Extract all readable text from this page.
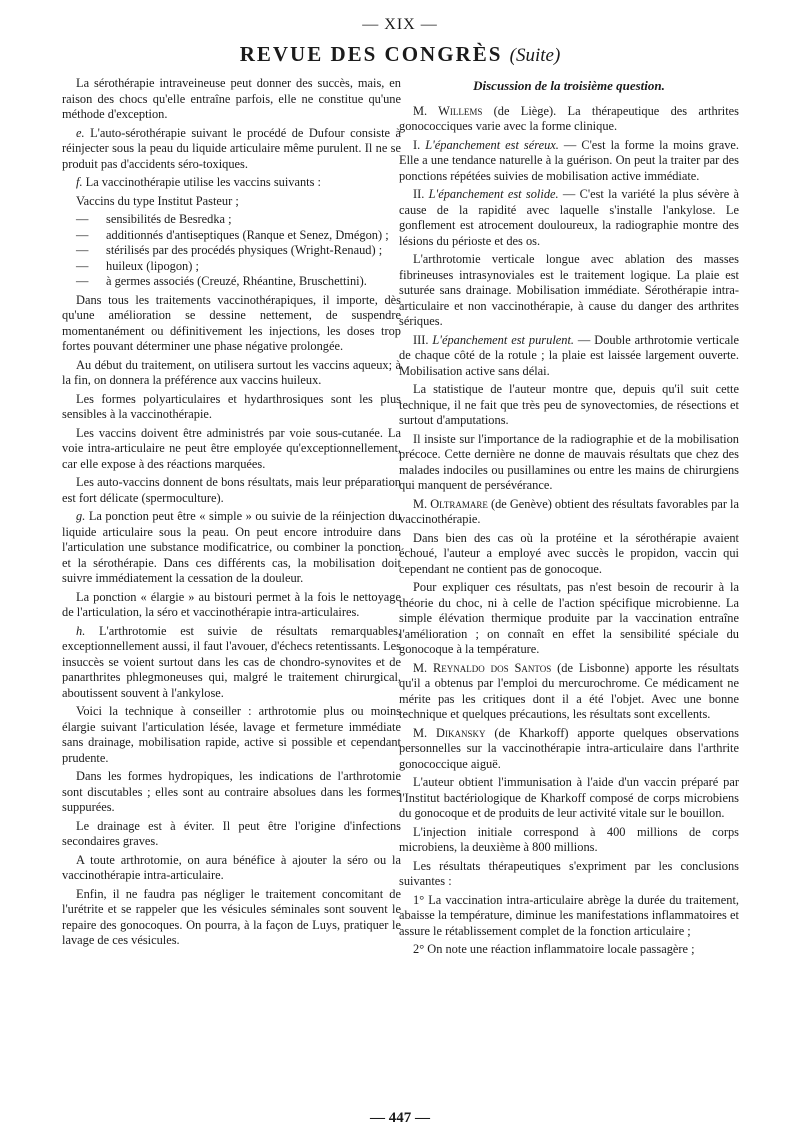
— XIX —
REVUE DES CONGRÈS (Suite)

La sérothérapie intraveineuse peut donner des succès, mais, en raison des chocs qu'elle entraîne parfois, elle ne constitue qu'une méthode d'exception.

e. L'auto-sérothérapie suivant le procédé de Dufour consiste à réinjecter sous la peau du liquide articulaire même purulent. Il ne se produit pas d'accidents séro-toxiques.

f. La vaccinothérapie utilise les vaccins suivants :

Vaccins du type Institut Pasteur ;

—	sensibilités de Besredka ;
—	additionnés d'antiseptiques (Ranque et Senez, Dmégon) ;
—	stérilisés par des procédés physiques (Wright-Renaud) ;
—	huileux (lipogon) ;
—	à germes associés (Creuzé, Rhéantine, Bruschettini).

Dans tous les traitements vaccinothérapiques, il importe, dès qu'une amélioration se dessine nettement, de suspendre momentanément ou définitivement les injections, les doses trop fortes pouvant déterminer une phase négative prolongée.

Au début du traitement, on utilisera surtout les vaccins aqueux; à la fin, on donnera la préférence aux vaccins huileux.

Les formes polyarticulaires et hydarthrosiques sont les plus sensibles à la vaccinothérapie.

Les vaccins doivent être administrés par voie sous-cutanée. La voie intra-articulaire ne peut être employée qu'exceptionnellement, car elle expose à des réactions marquées.

Les auto-vaccins donnent de bons résultats, mais leur préparation est fort délicate (spermoculture).

g. La ponction peut être « simple » ou suivie de la réinjection du liquide articulaire sous la peau. On peut encore introduire dans l'articulation une substance modificatrice, ou combiner la ponction et la sérothérapie. Dans ces différents cas, la mobilisation doit suivre immédiatement la cessation de la douleur.

La ponction « élargie » au bistouri permet à la fois le nettoyage de l'articulation, la séro et vaccinothérapie intra-articulaires.

h. L'arthrotomie est suivie de résultats remarquables, exceptionnellement aussi, il faut l'avouer, d'échecs retentissants. Les insuccès se voient surtout dans les cas de chondro-synovites et de panarthrites phlegmoneuses qui, malgré le traitement chirurgical, aboutissent souvent à l'ankylose.

Voici la technique à conseiller : arthrotomie plus ou moins élargie suivant l'articulation lésée, lavage et fermeture immédiate sans drainage, mobilisation rapide, active si possible et cependant prudente.

Dans les formes hydropiques, les indications de l'arthrotomie sont discutables ; elles sont au contraire absolues dans les formes suppurées.

Le drainage est à éviter. Il peut être l'origine d'infections secondaires graves.

A toute arthrotomie, on aura bénéfice à ajouter la séro ou la vaccinothérapie intra-articulaire.

Enfin, il ne faudra pas négliger le traitement concomitant de l'urétrite et se rappeler que les vésicules séminales sont souvent le repaire des gonocoques. On pourra, à la façon de Luys, pratiquer le lavage de ces vésicules.

Discussion de la troisième question.

M. Willems (de Liège). La thérapeutique des arthrites gonococciques varie avec la forme clinique.

I. L'épanchement est séreux. — C'est la forme la moins grave. Elle a une tendance naturelle à la guérison. On peut la traiter par des ponctions répétées suivies de mobilisation active immédiate.

II. L'épanchement est solide. — C'est la variété la plus sévère à cause de la rapidité avec laquelle s'installe l'ankylose. Le gonflement est atrocement douloureux, la radiographie montre des lésions du périoste et des os.

L'arthrotomie verticale longue avec ablation des masses fibrineuses intrasynoviales est le traitement logique. La plaie est suturée sans drainage. Mobilisation immédiate. Sérothérapie intra-articulaire et non vaccinothérapie, à cause du danger des arthrites sériques.

III. L'épanchement est purulent. — Double arthrotomie verticale de chaque côté de la rotule ; la plaie est laissée largement ouverte. Mobilisation active sans délai.

La statistique de l'auteur montre que, depuis qu'il suit cette technique, il ne fait que très peu de synovectomies, de résections et surtout d'amputations.

Il insiste sur l'importance de la radiographie et de la mobilisation précoce. Cette dernière ne donne de mauvais résultats que chez des malades indociles ou pusillamines ou entre les mains de chirurgiens qui manquent de persévérance.

M. Oltramare (de Genève) obtient des résultats favorables par la vaccinothérapie.

Dans bien des cas où la protéine et la sérothérapie avaient échoué, l'auteur a employé avec succès le propidon, vaccin qui cependant ne contient pas de gonocoque.

Pour expliquer ces résultats, pas n'est besoin de recourir à la théorie du choc, ni à celle de l'action spécifique microbienne. La simple élévation thermique produite par la vaccination entraîne l'amélioration ; on connaît en effet la sensibilité spéciale du gonocoque à la température.

M. Reynaldo dos Santos (de Lisbonne) apporte les résultats qu'il a obtenus par l'emploi du mercurochrome. Ce médicament ne mérite pas les critiques dont il a été l'objet. Avec une bonne technique et quelques précautions, les résultats sont excellents.

M. Dikansky (de Kharkoff) apporte quelques observations personnelles sur la vaccinothérapie intra-articulaire dans l'arthrite gonococcique aiguë.

L'auteur obtient l'immunisation à l'aide d'un vaccin préparé par l'Institut bactériologique de Kharkoff composé de corps microbiens du gonocoque et de produits de leur activité vitale sur le bouillon.

L'injection initiale correspond à 400 millions de corps microbiens, la deuxième à 800 millions.

Les résultats thérapeutiques s'expriment par les conclusions suivantes :

1° La vaccination intra-articulaire abrège la durée du traitement, abaisse la température, diminue les manifestations inflammatoires et assure le rétablissement complet de la fonction articulaire ;

2° On note une réaction inflammatoire locale passagère ;

— 447 —
